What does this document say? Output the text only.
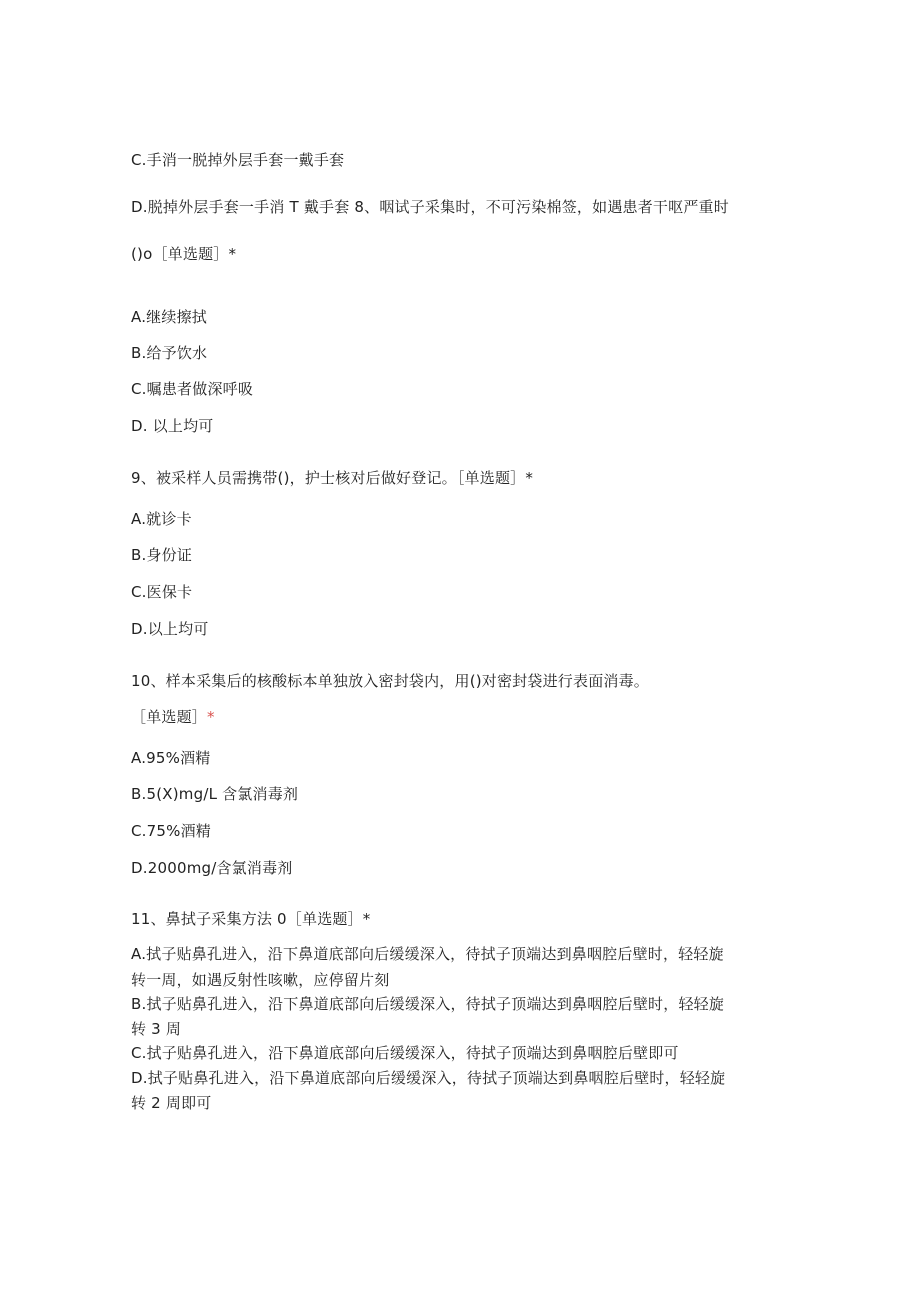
C.手消一脱掉外层手套一戴手套
D.脱掉外层手套一手消 T 戴手套 8、咽试子采集时，不可污染棉签，如遇患者干呕严重时
()o［单选题］*
A.继续擦拭
B.给予饮水
C.嘱患者做深呼吸
D. 以上均可
9、被采样人员需携带()，护士核对后做好登记。［单选题］*
A.就诊卡
B.身份证
C.医保卡
D.以上均可
10、样本采集后的核酸标本单独放入密封袋内，用()对密封袋进行表面消毒。
［单选题］*
A.95%酒精
B.5(X)mg/L 含氯消毒剂
C.75%酒精
D.2000mg/含氯消毒剂
11、鼻拭子采集方法 0［单选题］*
A.拭子贴鼻孔进入，沿下鼻道底部向后缓缓深入，待拭子顶端达到鼻咽腔后壁时，轻轻旋
转一周，如遇反射性咳嗽，应停留片刻
B.拭子贴鼻孔进入，沿下鼻道底部向后缓缓深入，待拭子顶端达到鼻咽腔后壁时，轻轻旋
转 3 周
C.拭子贴鼻孔进入，沿下鼻道底部向后缓缓深入，待拭子顶端达到鼻咽腔后壁即可
D.拭子贴鼻孔进入，沿下鼻道底部向后缓缓深入，待拭子顶端达到鼻咽腔后壁时，轻轻旋
转 2 周即可
